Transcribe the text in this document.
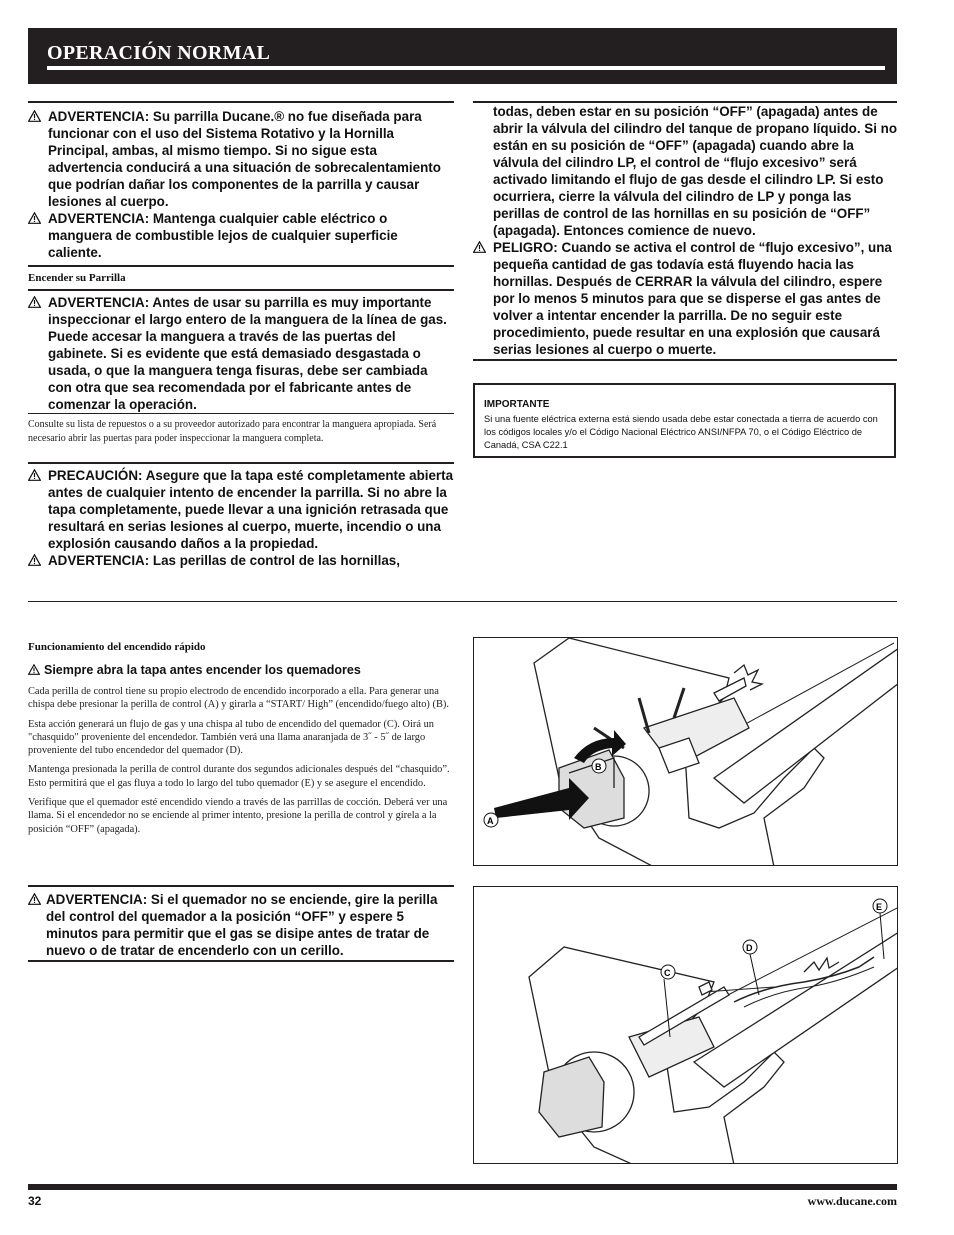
OPERACIÓN NORMAL
ADVERTENCIA: Su parrilla Ducane.® no fue diseñada para funcionar con el uso del Sistema Rotativo y la Hornilla Principal, ambas, al mismo tiempo. Si no sigue esta advertencia conducirá a una situación de sobrecalentamiento que podrían dañar los componentes de la parrilla y causar lesiones al cuerpo.
ADVERTENCIA: Mantenga cualquier cable eléctrico o manguera de combustible lejos de cualquier superficie caliente.
Encender su Parrilla
ADVERTENCIA: Antes de usar su parrilla es muy importante inspeccionar el largo entero de la manguera de la línea de gas. Puede accesar la manguera a través de las puertas del gabinete. Si es evidente que está demasiado desgastada o usada, o que la manguera tenga fisuras, debe ser cambiada con otra que sea recomendada por el fabricante antes de comenzar la operación.
Consulte su lista de repuestos o a su proveedor autorizado para encontrar la manguera apropiada. Será necesario abrir las puertas para poder inspeccionar la manguera completa.
PRECAUCIÓN: Asegure que la tapa esté completamente abierta antes de cualquier intento de encender la parrilla. Si no abre la tapa completamente, puede llevar a una ignición retrasada que resultará en serias lesiones al cuerpo, muerte, incendio o una explosión causando daños a la propiedad.
ADVERTENCIA: Las perillas de control de las hornillas,
todas, deben estar en su posición “OFF” (apagada) antes de abrir la válvula del cilindro del tanque de propano líquido. Si no están en su posición de “OFF” (apagada) cuando abre la válvula del cilindro LP, el control de “flujo excesivo” será activado limitando el flujo de gas desde el cilindro LP. Si esto ocurriera, cierre la válvula del cilindro de LP y ponga las perillas de control de las hornillas en su posición de “OFF” (apagada). Entonces comience de nuevo.
PELIGRO: Cuando se activa el control de “flujo excesivo”, una pequeña cantidad de gas todavía está fluyendo hacia las hornillas. Después de CERRAR la válvula del cilindro, espere por lo menos 5 minutos para que se disperse el gas antes de volver a intentar encender la parrilla. De no seguir este procedimiento, puede resultar en una explosión que causará serias lesiones al cuerpo o muerte.
IMPORTANTE
Si una fuente eléctrica externa está siendo usada debe estar conectada a tierra de acuerdo con los códigos locales y/o el Código Nacional Eléctrico ANSI/NFPA 70, o el Código Eléctrico de Canadá, CSA C22.1
Funcionamiento del encendido rápido
Siempre abra la tapa antes encender los quemadores

Cada perilla de control tiene su propio electrodo de encendido incorporado a ella. Para generar una chispa debe presionar la perilla de control (A) y girarla a “START/ High” (encendido/fuego alto) (B).

Esta acción generará un flujo de gas y una chispa al tubo de encendido del quemador (C). Oirá un "chasquido" proveniente del encendedor. También verá una llama anaranjada de 3˝ - 5˝ de largo proveniente del tubo encendedor del quemador (D).

Mantenga presionada la perilla de control durante dos segundos adicionales después del “chasquido”. Esto permitirá que el gas fluya a todo lo largo del tubo quemador (E) y se asegure el encendido.

Verifique que el quemador esté encendido viendo a través de las parrillas de cocción. Deberá ver una llama. Si el encendedor no se enciende al primer intento, presione la perilla de control y gírela a la posición “OFF” (apagada).

ADVERTENCIA: Si el quemador no se enciende, gire la perilla del control del quemador a la posición “OFF” y espere 5 minutos para permitir que el gas se disipe antes de tratar de nuevo o de tratar de encenderlo con un cerillo.
B
A
C
D
E
32	www.ducane.com
